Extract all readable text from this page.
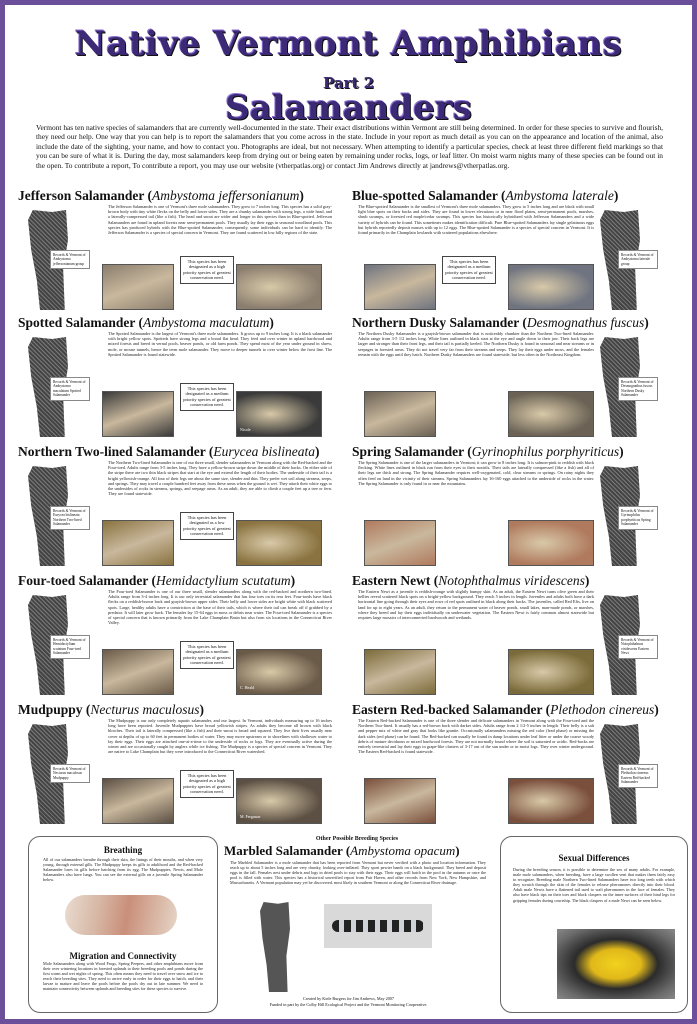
Native Vermont Amphibians
Part 2
Salamanders
Vermont has ten native species of salamanders that are currently well-documented in the state. Their exact distributions within Vermont are still being determined. In order for these species to survive and flourish, they need our help. One way that you can help is to report the salamanders that you come across in the state. Include in your report as much detail as you can on the appearance and location of the animal, also include the date of the sighting, your name, and how to contact you. Photographs are ideal, but not necessary. When attempting to identify a particular species, check at least three different field markings so that you can be sure of what it is. During the day, most salamanders keep from drying out or being eaten by remaining under rocks, logs, or leaf litter. On moist warm nights many of these species can be found out in the open. To contribute a report, To contribute a report, you may use our website (vtherpatlas.org) or contact Jim Andrews directly at jandrews@vtherpatlas.org.
Jefferson Salamander (Ambystoma jeffersonianum)
The Jefferson Salamander is one of Vermont's three mole salamanders. They grow to 7 inches long. This species has a solid gray-brown body with tiny white flecks on the belly and lower sides. They are a chunky salamander with strong legs, a wide head, and a laterally-compressed tail (like a fish). The head and snout are wider and longer in this species than in Blue-spotted. Jefferson Salamanders are found in upland forests near semi-permanent pools. They usually lay their eggs in seasonal woodland pools. This species has produced hybrids with the Blue-spotted Salamander; consequently, some individuals can be hard to identify. The Jefferson Salamander is a species of special concern in Vermont. They are found scattered in low hilly regions of the state.
Records & Vermont of Ambystoma jeffersonianum group	This species has been designated as a high priority species of greatest conservation need.
Blue-spotted Salamander (Ambystoma laterale)
The Blue-spotted Salamander is the smallest of Vermont's three mole salamanders. They grow to 5 inches long and are black with small light blue spots on their backs and sides. They are found in lower elevations or in near flood plains, semi-permanent pools, marshes, shrub swamps, or forested red maple/cedar swamps. This species has historically hybridized with Jefferson Salamanders and a wide variety of hybrids can be found. This sometimes makes identification difficult. Pure Blue-spotted Salamanders lay single gelatinous eggs but hybrids reportedly deposit masses with up to 12 eggs. The Blue-spotted Salamander is a species of special concern in Vermont. It is found primarily in the Champlain lowlands with scattered populations elsewhere.
Records & Vermont of Ambystoma laterale group
This species has been designated as a medium priority species of greatest conservation need.
Spotted Salamander (Ambystoma maculatum)
The Spotted Salamander is the largest of Vermont's three mole salamanders. It grows up to 9 inches long. It is a black salamander with bright yellow spots. Spotteds have strong legs and a broad flat head. They feed and over winter in upland hardwood and mixed forests and breed in vernal pools, beaver ponds, or old farm ponds. They spend most of the year under ground in shrew, mole, or mouse tunnels, hence the term mole salamander. They move to deeper tunnels to over winter below the frost line. The Spotted Salamander is found statewide.
Records & Vermont of Ambystoma maculatum Spotted Salamander
Nicole
This species has been designated as a medium priority species of greatest conservation need.
Northern Dusky Salamander (Desmognathus fuscus)
The Northern Dusky Salamander is a grayish-brown salamander that is noticeably chunkier than the Northern Two-lined Salamander. Adults range from 3-5 1/2 inches long. White lines outlined in black start at the eye and angle down to their jaw. Their back legs are larger and stronger than their front legs, and their tail is partially keeled. The Northern Dusky is found in seasonal and near streams or in seepages in forested areas. They do not travel very far from their streams and seeps. They lay their eggs under moss, and the females remain with the eggs until they hatch. Northern Dusky Salamanders are found statewide, but less often in the Northeast Kingdom.
Records & Vermont of Desmognathus fuscus Northern Dusky Salamander
Northern Two-lined Salamander (Eurycea bislineata)
The Northern Two-lined Salamander is one of our three small, slender salamanders in Vermont along with the Red-backed and the Four-toed. Adults range from 3-5 inches long. They have a yellow-brown stripe down the middle of their backs. On either side of the stripe there are two thin black stripes that start at the eye and extend the length of their bodies. The underside of their tail is a bright yellowish-orange. All four of their legs are about the same size, slender and thin. They prefer wet soil along streams, seeps, and springs. They may travel a couple hundred feet away from these areas when the ground is wet. They attach their white eggs to the undersides of rocks in streams, springs, and seepage areas. As an adult, they are able to climb a couple feet up a tree or fern. They are found statewide.
Records & Vermont of Eurycea bislineata Northern Two-lined Salamander
This species has been designated as a low priority species of greatest conservation need.
Spring Salamander (Gyrinophilus porphyriticus)
The Spring Salamander is one of the larger salamanders in Vermont; it can grow to 8 inches long. It is salmon-pink to reddish with black flecking. White lines outlined in black run from their eyes to their nostrils. Their tails are laterally compressed (like a fish) and all of their legs are thick and strong. The Spring Salamander requires well-oxygenated, cold, clear streams or springs. On rainy nights they often feed on land in the vicinity of their streams. Spring Salamanders lay 16-160 eggs attached to the underside of rocks in the water. The Spring Salamander is only found in or near the mountains.
Records & Vermont of Gyrinophilus porphyriticus Spring Salamander
Four-toed Salamander (Hemidactylium scutatum)
The Four-toed Salamander is one of our three small, slender salamanders along with the red-backed and northern two-lined. Adults range from 3-4 inches long. It is our only terrestrial salamander that has four toes on its rear feet. Four-toeds have black flecks on a reddish-brown back and grayish-brown upper sides. Their belly and lower sides are bright white with black scattered spots. Large, healthy adults have a constriction at the base of their tails, which is where their tail can break off if grabbed by a predator. It will later grow back. The females lay 15-64 eggs in moss or debris near water. The Four-toed Salamander is a species of special concern that is known primarily from the Lake Champlain Basin but also from six locations in the Connecticut River Valley.
Records & Vermont of Hemidactylium scutatum Four-toed Salamander
C. Heald
This species has been designated as a medium priority species of greatest conservation need.
Eastern Newt (Notophthalmus viridescens)
The Eastern Newt as a juvenile is reddish-orange with slightly bumpy skin. As an adult, the Eastern Newt turns olive green and their bellies reveal scattered black spots on a bright-yellow background. They reach 5 inches in length. Juveniles and adults both have a dark horizontal line going through their eyes and rows of red spots outlined in black along their backs. The juveniles, called Red Efts, live on land for up to eight years. As an adult, they return to the permanent water of beaver ponds, small lakes, man-made ponds, or marshes, where they breed and lay their eggs individually on underwater vegetation. The Eastern Newt is fairly common almost statewide but requires large mosaics of interconnected hardwoods and wetlands.
Records & Vermont of Notophthalmus viridescens Eastern Newt
Mudpuppy (Necturus maculosus)
The Mudpuppy is our only completely aquatic salamander, and our largest. In Vermont, individuals measuring up to 16 inches long have been reported. Juvenile Mudpuppies have broad yellowish stripes. As adults they become all brown with black blotches. Their tail is laterally compressed (like a fish) and their snout is broad and squared. They live their lives usually near cover at depths of up to 60 feet in permanent bodies of water. They may move upstream or to shorelines with shallower water to lay their eggs. Their eggs are attached one-at-a-time to the underside of rocks or logs. They are eventually active during the winter and are occasionally caught by anglers while ice fishing. The Mudpuppy is a species of special concern in Vermont. They are native to Lake Champlain but they were introduced to the Connecticut River watershed.
Records & Vermont of Necturus maculosus Mudpuppy
M. Ferguson
This species has been designated as a high priority species of greatest conservation need.
Eastern Red-backed Salamander (Plethodon cinereus)
The Eastern Red-backed Salamander is one of the three slender and delicate salamanders in Vermont along with the Four-toed and the Northern Two-lined. It usually has a red-brown back with darker sides. Adults range from 2 1/2-5 inches in length. Their belly is a salt and pepper mix of white and gray that looks like granite. Occasionally salamanders missing the red color (lead phase) or missing the dark sides (red phase) can be found. The Red-backed can usually be found in damp locations under leaf litter or under the coarse woody debris of mature deciduous or mixed hardwood forests. They are not normally found where the soil is saturated or acidic. Red-backs are entirely terrestrial and lay their eggs in grape-like clusters of 3-17 out of the sun under or in moist logs. They over winter underground. The Eastern Red-backed is found statewide.
Records & Vermont of Plethodon cinereus Eastern Red-backed Salamander
Breathing
All of our salamanders breathe through their skin, the linings of their mouths, and when very young, through external gills. The Mudpuppy keeps its gills to adulthood and the Red-backed Salamander loses its gills before hatching from its egg. The Mudpuppies, Newts, and Mole Salamanders also have lungs. You can see the external gills on a juvenile Spring Salamander below.
Migration and Connectivity
Mole Salamanders along with Wood Frogs, Spring Peepers, and other amphibians move from their over wintering locations in forested uplands to their breeding pools and ponds during the first warm and wet nights of spring. This often means they need to travel over snow and ice to reach their breeding sites. They need to arrive early in order for their eggs to hatch, and their larvae to mature and leave the pools before the pools dry out in late summer. We need to maintain connectivity between uplands and breeding sites for these species to survive.
Other Possible Breeding Species
Marbled Salamander (Ambystoma opacum)
The Marbled Salamander is a mole salamander that has been reported from Vermont but never verified with a photo and location information. They reach up to about 5 inches long and are very chunky, looking over-inflated. They sport pewter bands on a black background. They breed and deposit eggs in the fall. Females nest under debris and logs in dried pools to stay with their eggs. Their eggs will hatch in the pool in the autumn or once the pool is filled with water. This species has a historical unverified report from Fair Haven, and other records from New York, New Hampshire, and Massachusetts. A Vermont population may yet be discovered, most likely in southern Vermont or along the Connecticut River drainage.
Sexual Differences
During the breeding season, it is possible to determine the sex of many adults. For example, male mole salamanders, when breeding, have a large swollen vent that makes them fairly easy to recognize. Breeding male Northern Two-lined Salamanders have two long teeth with which they scratch through the skin of the females to release pheromones directly into their blood. Adult male Newts have a flattened tail used to waft pheromones in the face of females. They also have black tips on their toes and black claspers on the inner surfaces of their hind legs for gripping females during courtship. The black claspers of a male Newt can be seen below.
Created by Kiele Burgess for Jim Andrews, May 2007
Funded in part by the Colby Hill Ecological Project and the Vermont Monitoring Cooperative.
